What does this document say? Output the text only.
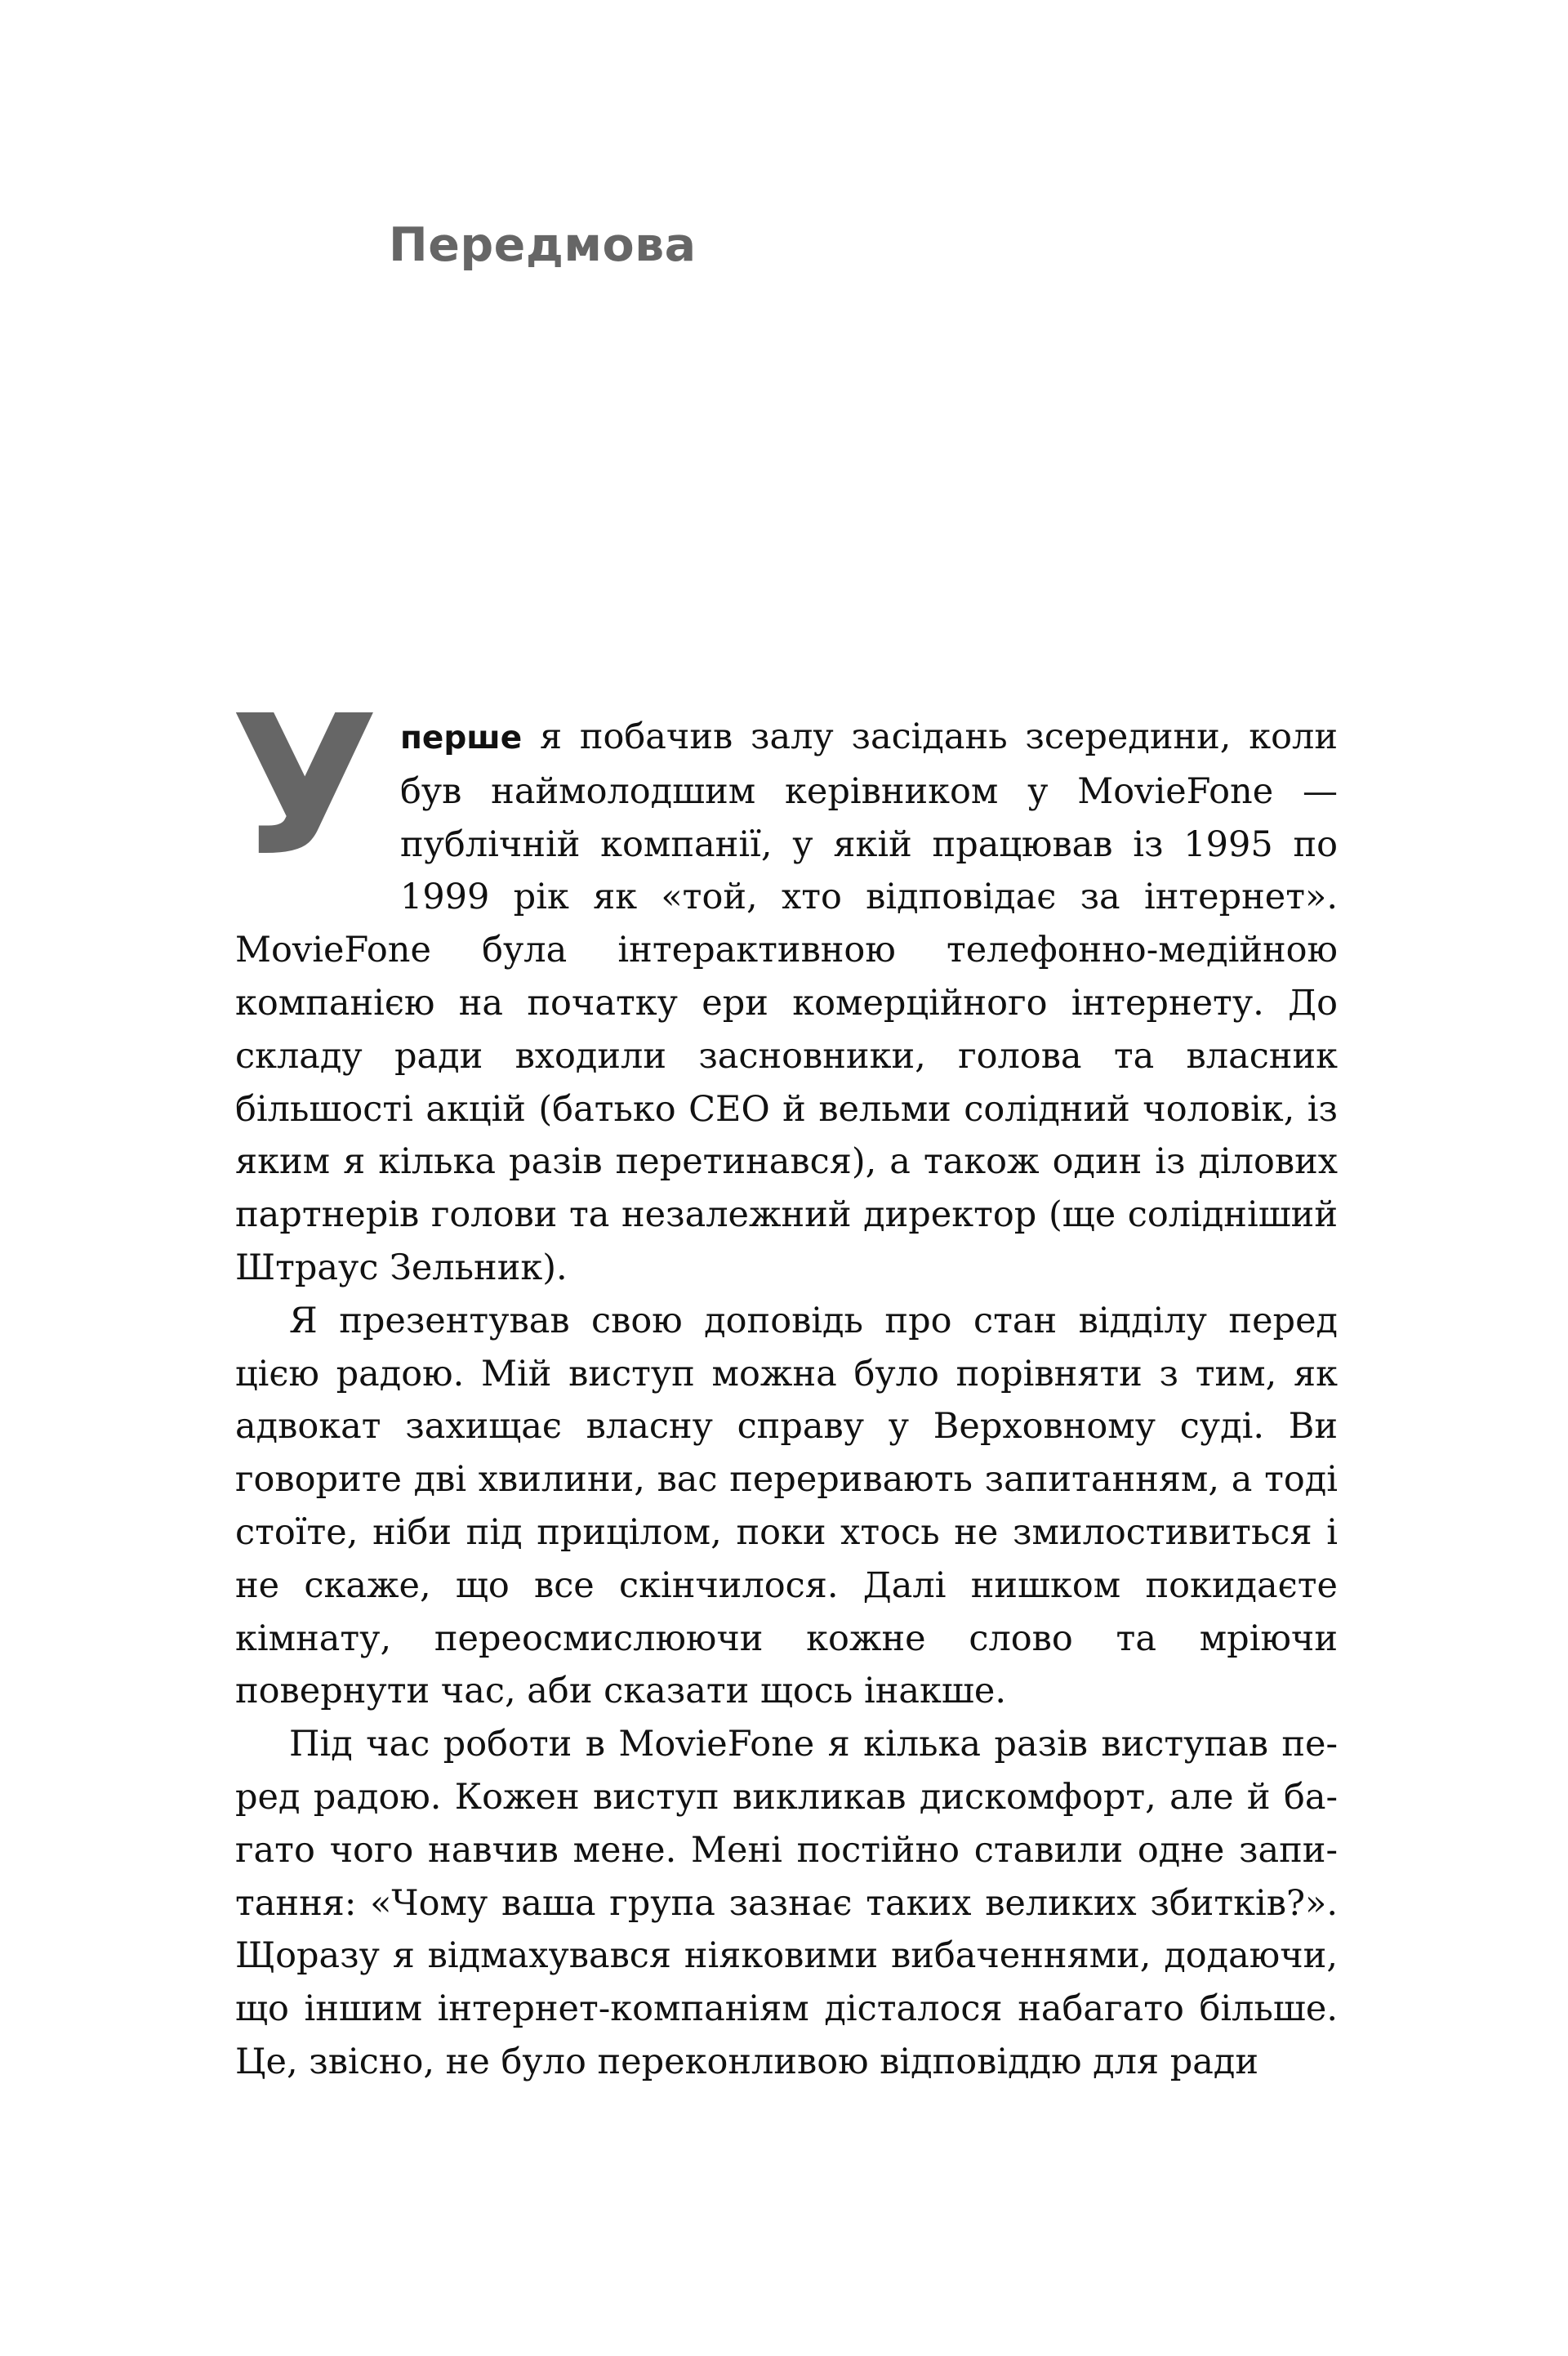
Передмова

Уперше я побачив залу засідань зсередини, коли був наймолодшим керівником у MovieFone — публічній компанії, у якій працював із 1995 по 1999 рік як «той, хто відповідає за інтернет». MovieFone була інтерактивною телефонно-медійною компанією на початку ери комерційного інтернету. До складу ради входили засновники, голова та власник більшості акцій (батько CEO й вельми солідний чоловік, із яким я кілька разів перетинався), а також один із ділових партнерів голови та незалежний директор (ще солідніший Штраус Зельник).

Я презентував свою доповідь про стан відділу перед цією радою. Мій виступ можна було порівняти з тим, як адвокат захищає власну справу у Верховному суді. Ви говорите дві хвилини, вас переривають запитанням, а тоді стоїте, ніби під прицілом, поки хтось не змилостивиться і не скаже, що все скінчилося. Далі нишком покидаєте кімнату, переосмислюючи кожне слово та мріючи повернути час, аби сказати щось інакше.

Під час роботи в MovieFone я кілька разів виступав перед радою. Кожен виступ викликав дискомфорт, але й багато чого навчив мене. Мені постійно ставили одне запитання: «Чому ваша група зазнає таких великих збитків?». Щоразу я відмахувався ніяковими вибаченнями, додаючи, що іншим інтернет-компаніям дісталося набагато більше. Це, звісно, не було переконливою відповіддю для ради
